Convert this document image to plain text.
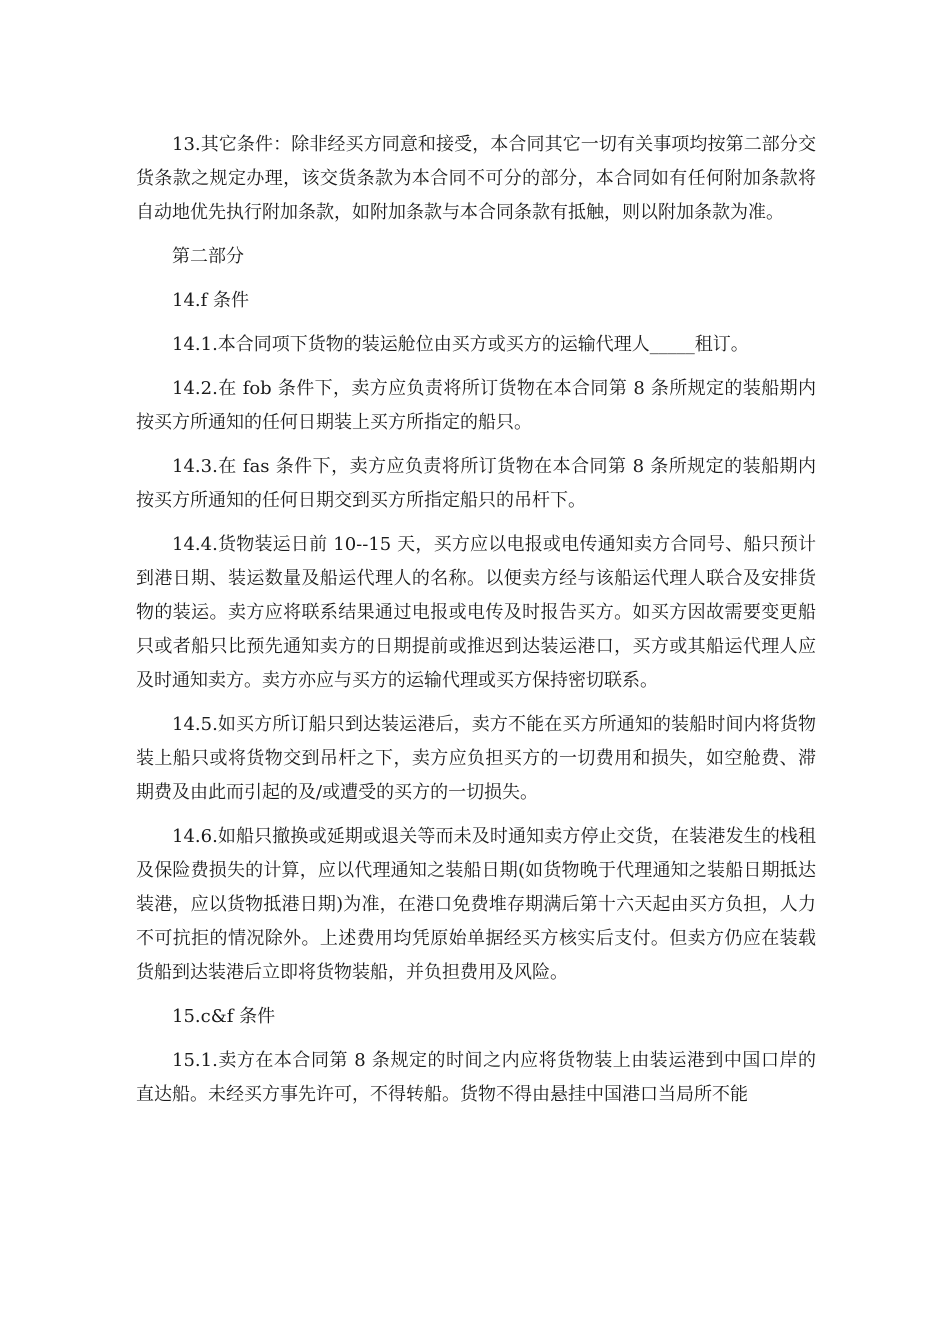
13.其它条件：除非经买方同意和接受，本合同其它一切有关事项均按第二部分交货条款之规定办理，该交货条款为本合同不可分的部分，本合同如有任何附加条款将自动地优先执行附加条款，如附加条款与本合同条款有抵触，则以附加条款为准。

第二部分

14.f 条件

14.1.本合同项下货物的装运舱位由买方或买方的运输代理人_____租订。

14.2.在 fob 条件下，卖方应负责将所订货物在本合同第 8 条所规定的装船期内按买方所通知的任何日期装上买方所指定的船只。

14.3.在 fas 条件下，卖方应负责将所订货物在本合同第 8 条所规定的装船期内按买方所通知的任何日期交到买方所指定船只的吊杆下。

14.4.货物装运日前 10--15 天，买方应以电报或电传通知卖方合同号、船只预计到港日期、装运数量及船运代理人的名称。以便卖方经与该船运代理人联合及安排货物的装运。卖方应将联系结果通过电报或电传及时报告买方。如买方因故需要变更船只或者船只比预先通知卖方的日期提前或推迟到达装运港口，买方或其船运代理人应及时通知卖方。卖方亦应与买方的运输代理或买方保持密切联系。

14.5.如买方所订船只到达装运港后，卖方不能在买方所通知的装船时间内将货物装上船只或将货物交到吊杆之下，卖方应负担买方的一切费用和损失，如空舱费、滞期费及由此而引起的及/或遭受的买方的一切损失。

14.6.如船只撤换或延期或退关等而未及时通知卖方停止交货，在装港发生的栈租及保险费损失的计算，应以代理通知之装船日期(如货物晚于代理通知之装船日期抵达装港，应以货物抵港日期)为准，在港口免费堆存期满后第十六天起由买方负担，人力不可抗拒的情况除外。上述费用均凭原始单据经买方核实后支付。但卖方仍应在装载货船到达装港后立即将货物装船，并负担费用及风险。

15.c&f 条件

15.1.卖方在本合同第 8 条规定的时间之内应将货物装上由装运港到中国口岸的直达船。未经买方事先许可，不得转船。货物不得由悬挂中国港口当局所不能
